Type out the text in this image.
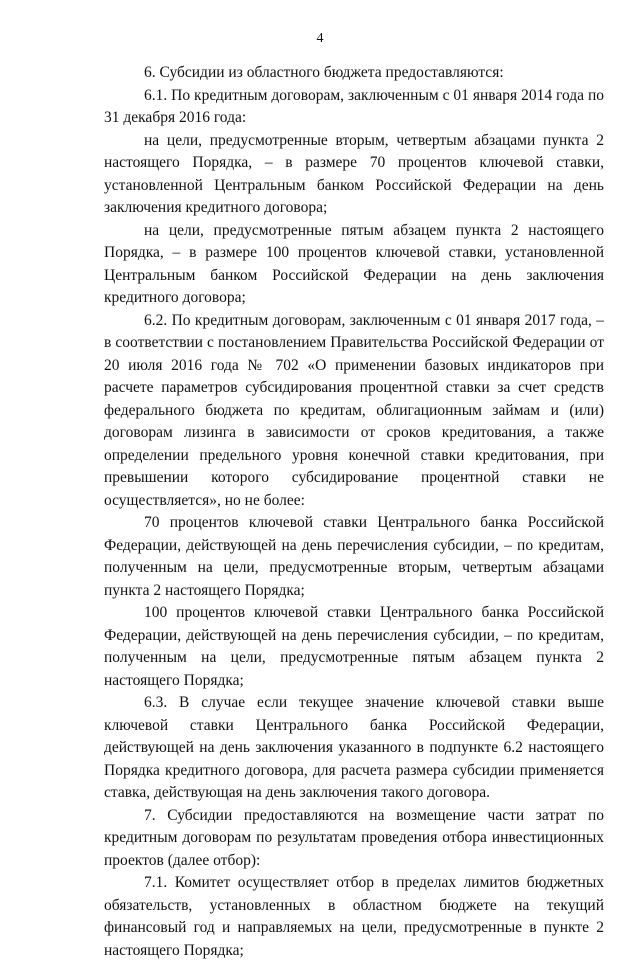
4

6. Субсидии из областного бюджета предоставляются:

6.1. По кредитным договорам, заключенным с 01 января 2014 года по 31 декабря 2016 года:

на цели, предусмотренные вторым, четвертым абзацами пункта 2 настоящего Порядка, – в размере 70 процентов ключевой ставки, установленной Центральным банком Российской Федерации на день заключения кредитного договора;

на цели, предусмотренные пятым абзацем пункта 2 настоящего Порядка, – в размере 100 процентов ключевой ставки, установленной Центральным банком Российской Федерации на день заключения кредитного договора;

6.2. По кредитным договорам, заключенным с 01 января 2017 года, – в соответствии с постановлением Правительства Российской Федерации от 20 июля 2016 года № 702 «О применении базовых индикаторов при расчете параметров субсидирования процентной ставки за счет средств федерального бюджета по кредитам, облигационным займам и (или) договорам лизинга в зависимости от сроков кредитования, а также определении предельного уровня конечной ставки кредитования, при превышении которого субсидирование процентной ставки не осуществляется», но не более:

70 процентов ключевой ставки Центрального банка Российской Федерации, действующей на день перечисления субсидии, – по кредитам, полученным на цели, предусмотренные вторым, четвертым абзацами пункта 2 настоящего Порядка;

100 процентов ключевой ставки Центрального банка Российской Федерации, действующей на день перечисления субсидии, – по кредитам, полученным на цели, предусмотренные пятым абзацем пункта 2 настоящего Порядка;

6.3. В случае если текущее значение ключевой ставки выше ключевой ставки Центрального банка Российской Федерации, действующей на день заключения указанного в подпункте 6.2 настоящего Порядка кредитного договора, для расчета размера субсидии применяется ставка, действующая на день заключения такого договора.

7. Субсидии предоставляются на возмещение части затрат по кредитным договорам по результатам проведения отбора инвестиционных проектов (далее отбор):

7.1. Комитет осуществляет отбор в пределах лимитов бюджетных обязательств, установленных в областном бюджете на текущий финансовый год и направляемых на цели, предусмотренные в пункте 2 настоящего Порядка;
